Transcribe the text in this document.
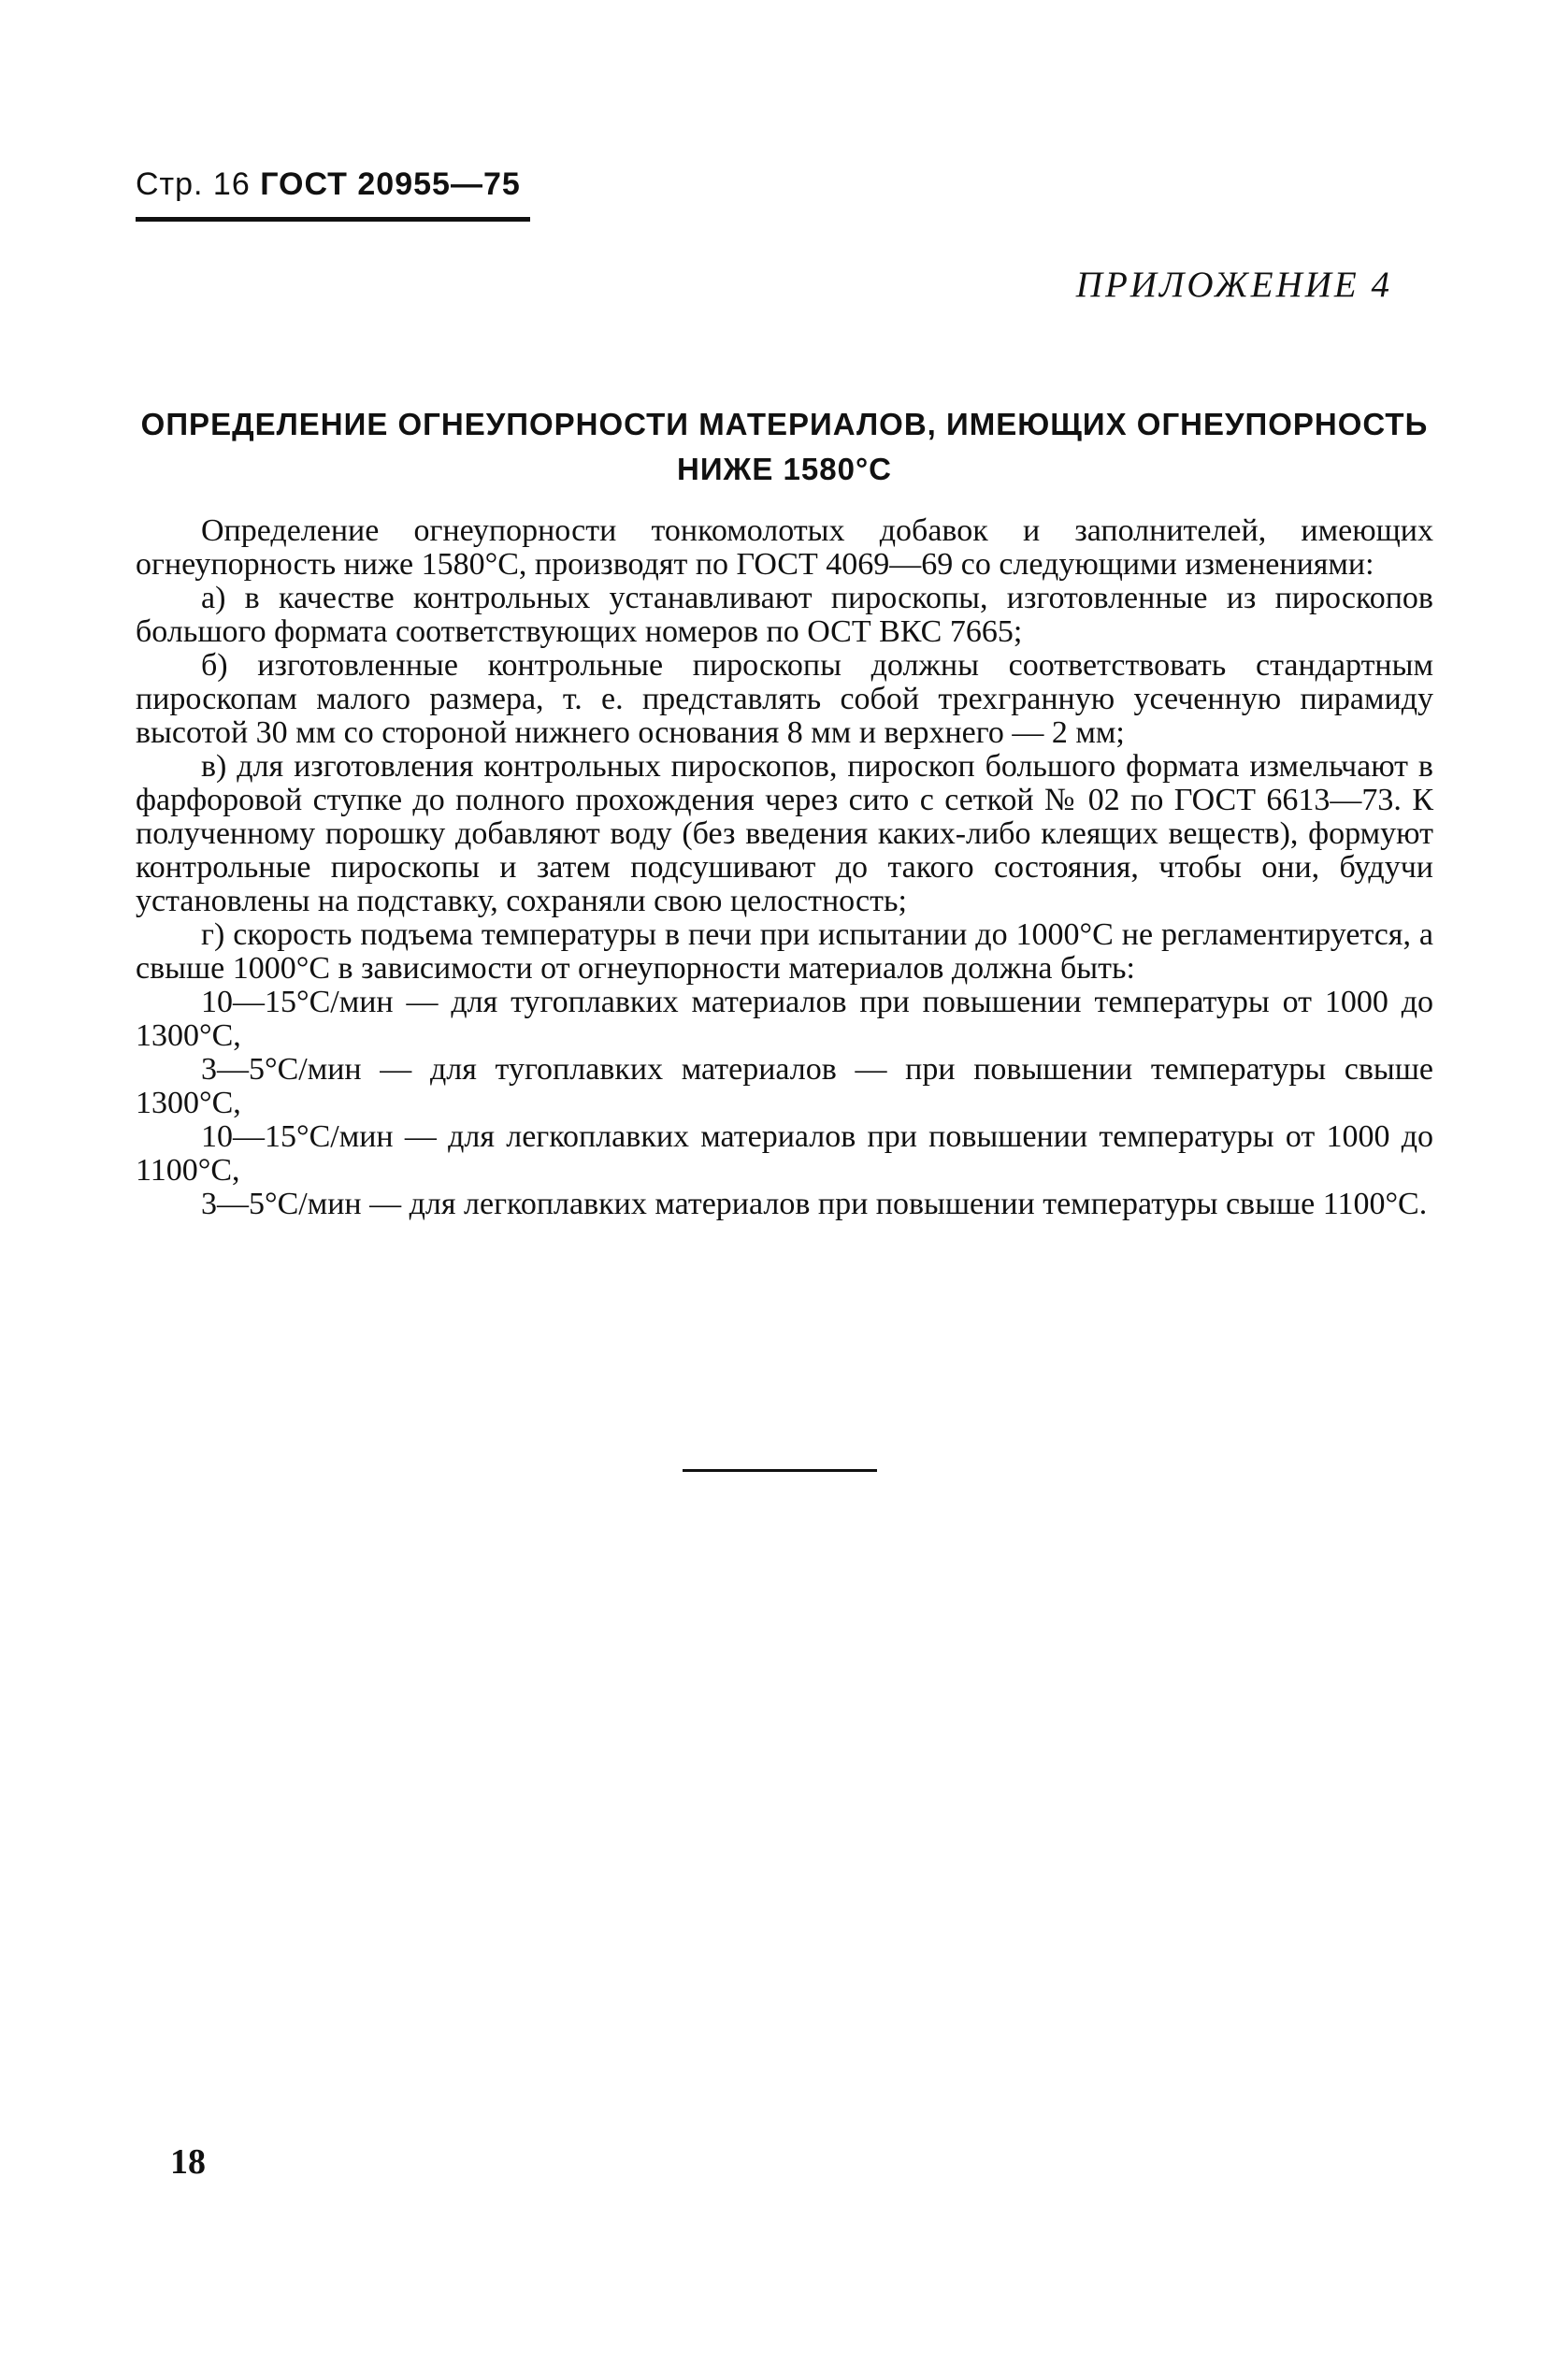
Стр. 16 ГОСТ 20955—75
ПРИЛОЖЕНИЕ 4
ОПРЕДЕЛЕНИЕ ОГНЕУПОРНОСТИ МАТЕРИАЛОВ, ИМЕЮЩИХ ОГНЕУПОРНОСТЬ
НИЖЕ 1580°С

Определение огнеупорности тонкомолотых добавок и заполнителей, имеющих огнеупорность ниже 1580°С, производят по ГОСТ 4069—69 со следующими изменениями:

а) в качестве контрольных устанавливают пироскопы, изготовленные из пироскопов большого формата соответствующих номеров по ОСТ ВКС 7665;

б) изготовленные контрольные пироскопы должны соответствовать стандартным пироскопам малого размера, т. е. представлять собой трехгранную усеченную пирамиду высотой 30 мм со стороной нижнего основания 8 мм и верхнего — 2 мм;

в) для изготовления контрольных пироскопов, пироскоп большого формата измельчают в фарфоровой ступке до полного прохождения через сито с сеткой № 02 по ГОСТ 6613—73. К полученному порошку добавляют воду (без введения каких-либо клеящих веществ), формуют контрольные пироскопы и затем подсушивают до такого состояния, чтобы они, будучи установлены на подставку, сохраняли свою целостность;

г) скорость подъема температуры в печи при испытании до 1000°С не регламентируется, а свыше 1000°С в зависимости от огнеупорности материалов должна быть:

10—15°С/мин — для тугоплавких материалов при повышении температуры от 1000 до 1300°С,

3—5°С/мин — для тугоплавких материалов — при повышении температуры свыше 1300°С,

10—15°С/мин — для легкоплавких материалов при повышении температуры от 1000 до 1100°С,

3—5°С/мин — для легкоплавких материалов при повышении температуры свыше 1100°С.

18
